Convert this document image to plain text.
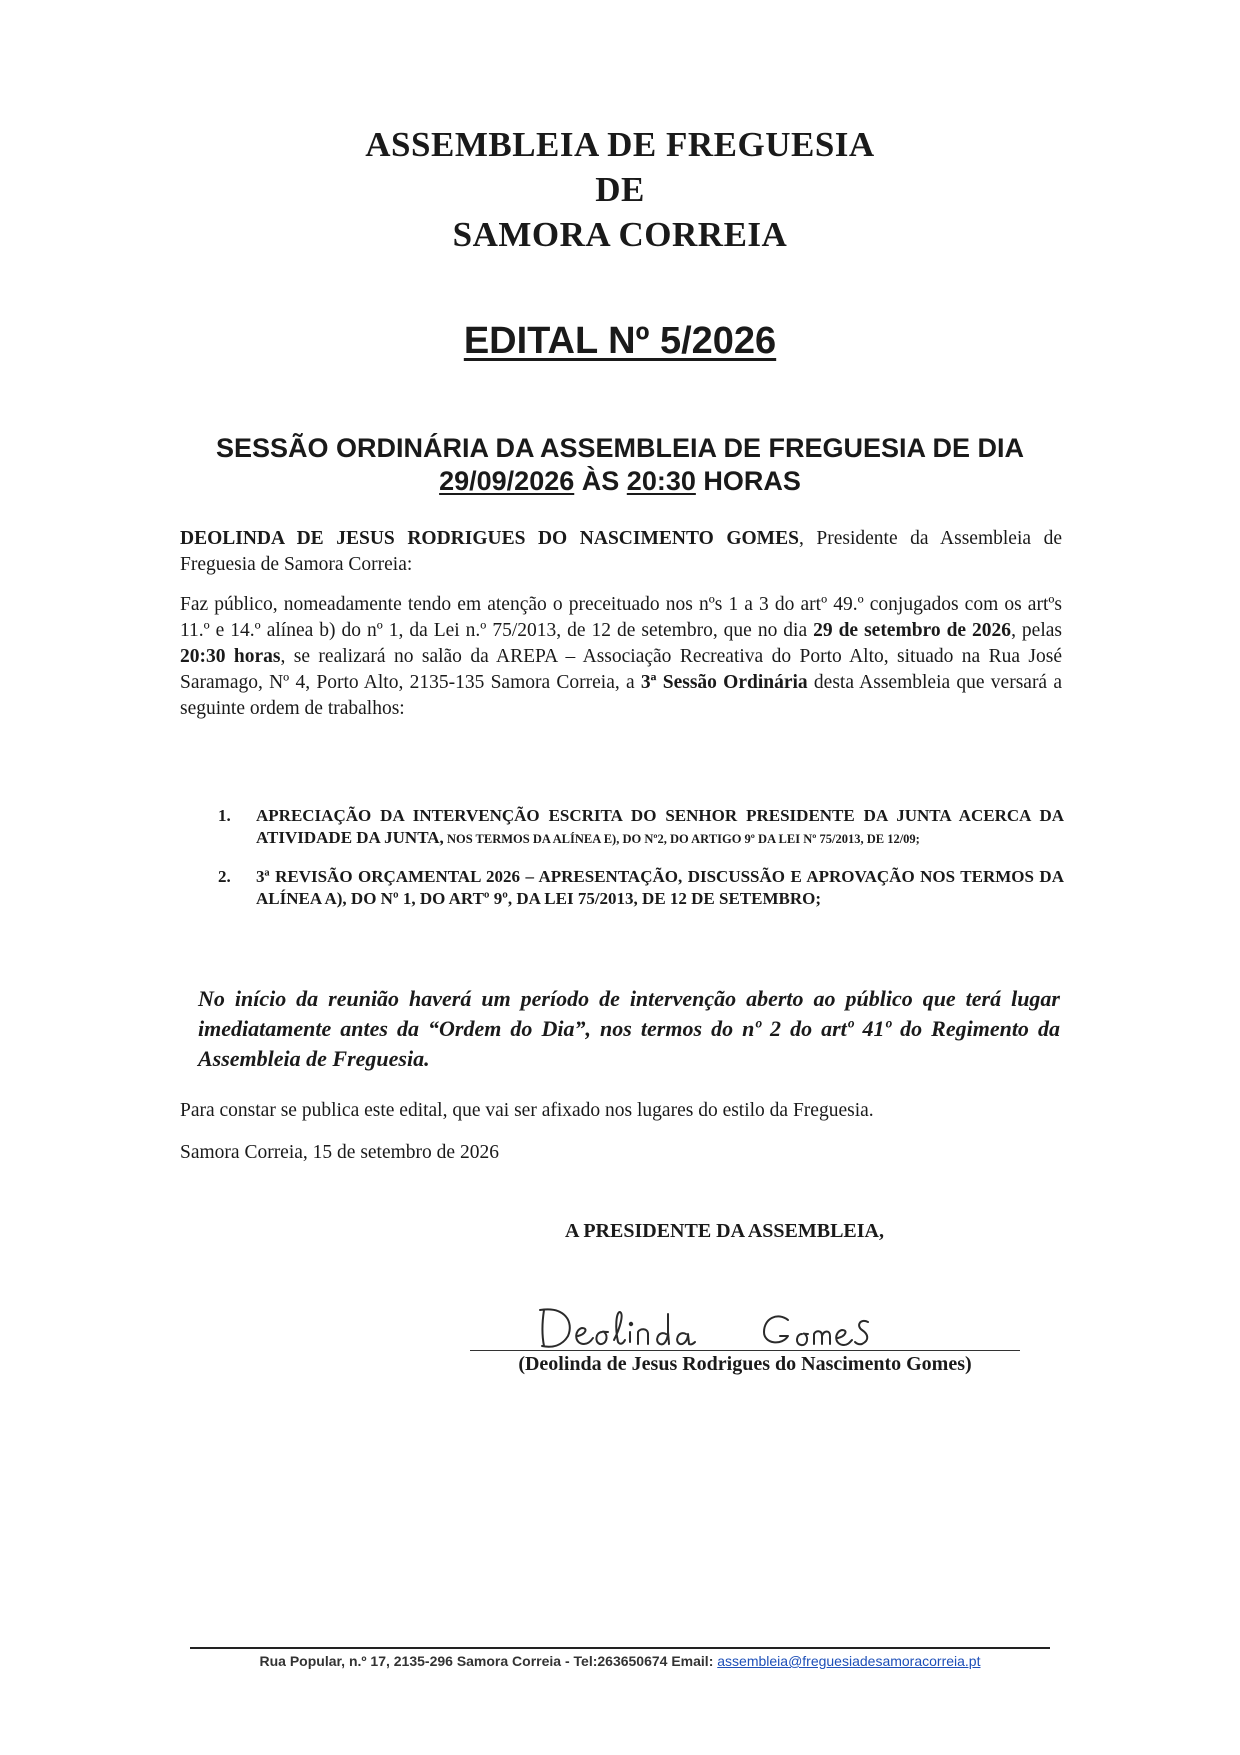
ASSEMBLEIA DE FREGUESIA
DE
SAMORA CORREIA
EDITAL Nº 5/2026
SESSÃO ORDINÁRIA DA ASSEMBLEIA DE FREGUESIA DE DIA
29/09/2026 ÀS 20:30 HORAS

DEOLINDA DE JESUS RODRIGUES DO NASCIMENTO GOMES, Presidente da Assembleia de Freguesia de Samora Correia:

Faz público, nomeadamente tendo em atenção o preceituado nos nºs 1 a 3 do artº 49.º conjugados com os artºs 11.º e 14.º alínea b) do nº 1, da Lei n.º 75/2013, de 12 de setembro, que no dia 29 de setembro de 2026, pelas 20:30 horas, se realizará no salão da AREPA – Associação Recreativa do Porto Alto, situado na Rua José Saramago, Nº 4, Porto Alto, 2135-135 Samora Correia, a 3ª Sessão Ordinária desta Assembleia que versará a seguinte ordem de trabalhos:

1. APRECIAÇÃO DA INTERVENÇÃO ESCRITA DO SENHOR PRESIDENTE DA JUNTA ACERCA DA ATIVIDADE DA JUNTA, NOS TERMOS DA ALÍNEA E), DO Nº2, DO ARTIGO 9º DA LEI Nº 75/2013, DE 12/09;
2. 3ª REVISÃO ORÇAMENTAL 2026 – APRESENTAÇÃO, DISCUSSÃO E APROVAÇÃO NOS TERMOS DA ALÍNEA A), DO Nº 1, DO ARTº 9º, DA LEI 75/2013, DE 12 DE SETEMBRO;

No início da reunião haverá um período de intervenção aberto ao público que terá lugar imediatamente antes da “Ordem do Dia”, nos termos do nº 2 do artº 41º do Regimento da Assembleia de Freguesia.

Para constar se publica este edital, que vai ser afixado nos lugares do estilo da Freguesia.

Samora Correia, 15 de setembro de 2026

A PRESIDENTE DA ASSEMBLEIA,
(Deolinda de Jesus Rodrigues do Nascimento Gomes)
Rua Popular, n.º 17, 2135-296 Samora Correia - Tel:263650674 Email: assembleia@freguesiadesamoracorreia.pt
